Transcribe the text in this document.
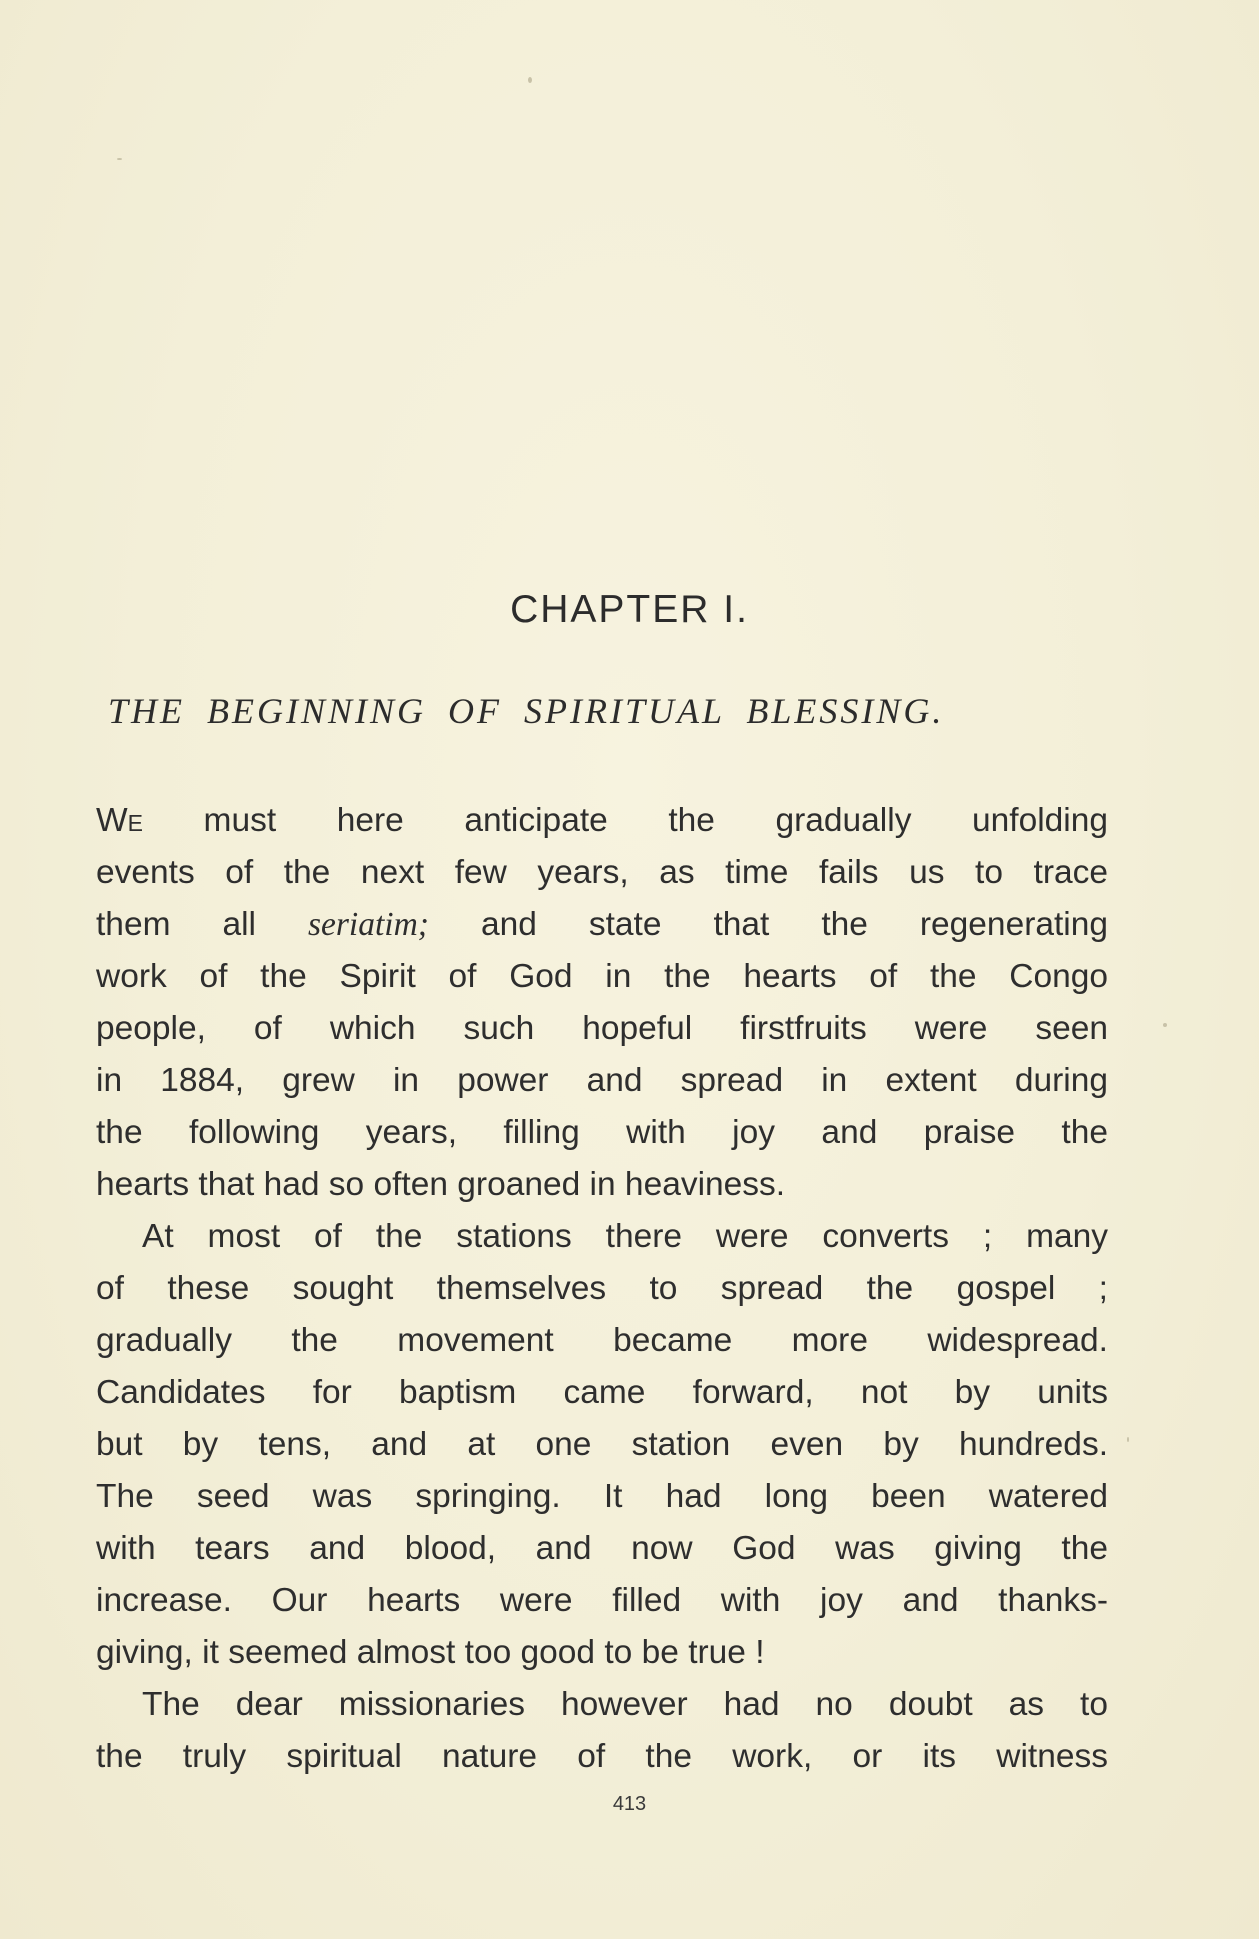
CHAPTER I.
THE BEGINNING OF SPIRITUAL BLESSING.
We must here anticipate the gradually unfolding
events of the next few years, as time fails us to trace
them all seriatim; and state that the regenerating
work of the Spirit of God in the hearts of the Congo
people, of which such hopeful firstfruits were seen
in 1884, grew in power and spread in extent during
the following years, filling with joy and praise the
hearts that had so often groaned in heaviness.
At most of the stations there were converts ; many
of these sought themselves to spread the gospel ;
gradually the movement became more widespread.
Candidates for baptism came forward, not by units
but by tens, and at one station even by hundreds.
The seed was springing. It had long been watered
with tears and blood, and now God was giving the
increase. Our hearts were filled with joy and thanks-
giving, it seemed almost too good to be true !
The dear missionaries however had no doubt as to
the truly spiritual nature of the work, or its witness
413
